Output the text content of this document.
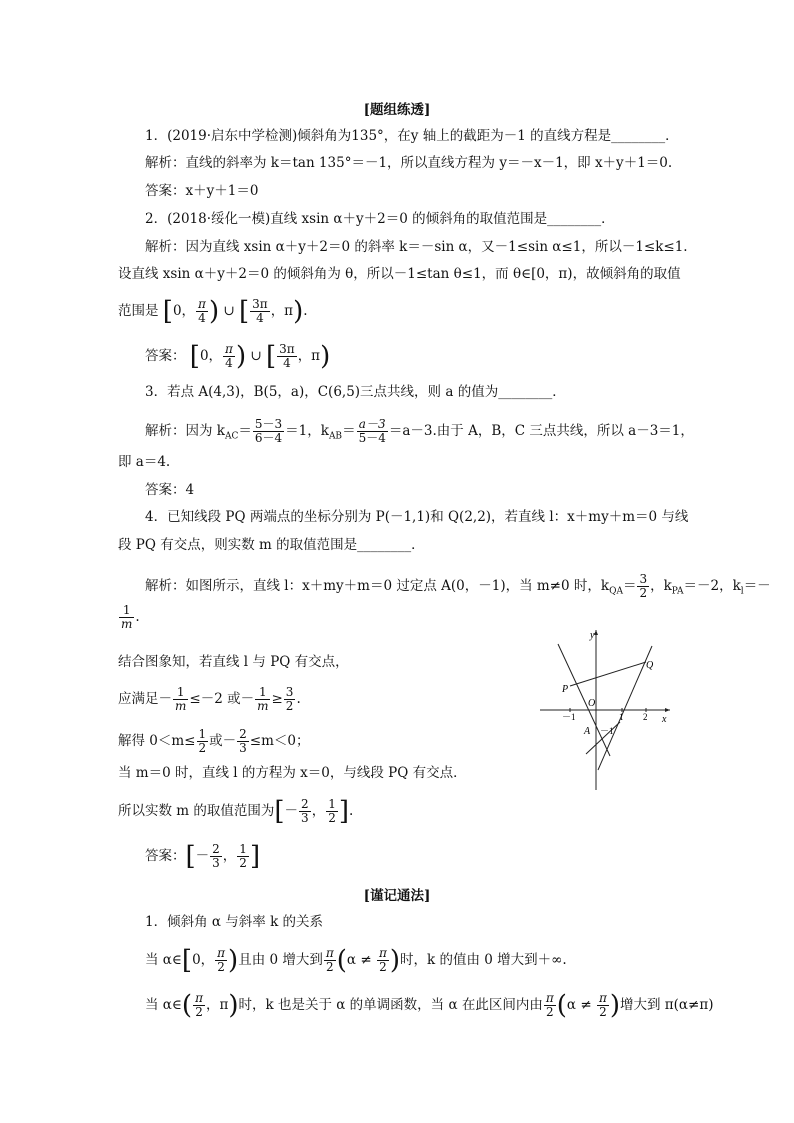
[题组练透]
1．(2019·启东中学检测)倾斜角为135°，在y 轴上的截距为－1 的直线方程是________．
解析：直线的斜率为 k＝tan 135°＝－1，所以直线方程为 y＝－x－1，即 x＋y＋1＝0.
答案：x＋y＋1＝0
2．(2018·绥化一模)直线 xsin α＋y＋2＝0 的倾斜角的取值范围是________．
解析：因为直线 xsin α＋y＋2＝0 的斜率 k＝－sin α，又－1≤sin α≤1，所以－1≤k≤1.
设直线 xsin α＋y＋2＝0 的倾斜角为 θ，所以－1≤tan θ≤1，而 θ∈[0，π)，故倾斜角的取值
范围是 [0， $\frac{\pi}{4}$ ) ∪ [ $\frac{3\pi}{4}$ ，π).
答案： [0， $\frac{\pi}{4}$ ) ∪ [ $\frac{3\pi}{4}$ ，π)
3．若点 A(4,3)，B(5，a)，C(6,5)三点共线，则 a 的值为________．
解析：因为 $k_{AC}= \frac{5-3}{6-4} =1$，$k_{AB}= \frac{a-3}{5-4} =a-3$.由于 A，B，C 三点共线，所以 a－3＝1，
即 a＝4.
答案：4
4．已知线段 PQ 两端点的坐标分别为 P(－1,1)和 Q(2,2)，若直线 l：x＋my＋m＝0 与线
段 PQ 有交点，则实数 m 的取值范围是________．
解析：如图所示，直线 l：x＋my＋m＝0 过定点 A(0，－1)，当 m≠0 时，$k_{QA}= \frac{3}{2}$ ，$k_{PA}=-2$，$k_l=-$
$\frac{1}{m}$ .
结合图象知，若直线 l 与 PQ 有交点，
应满足－ $\frac{1}{m} \le-2$ 或－ $\frac{1}{m} \ge \frac{3}{2}$ .
解得 $0<m\le \frac{1}{2}$ 或－ $\frac{2}{3} \le m<0$；
当 m＝0 时，直线 l 的方程为 x＝0，与线段 PQ 有交点．
所以实数 m 的取值范围为[－ $\frac{2}{3}$ ， $\frac{1}{2}$ ].
答案：[－ $\frac{2}{3}$ ， $\frac{1}{2}$ ]
y
x
Q
P
O
A
－1	1 2
－1
[谨记通法]
1．倾斜角 α 与斜率 k 的关系
当 α∈[0， $\frac{\pi}{2}$ )且由 0 增大到 $\frac{\pi}{2} (\alpha \ne \frac{\pi}{2}$ )时，k 的值由 0 增大到＋∞.
当 α∈( $\frac{\pi}{2}$ ，π)时，k 也是关于 α 的单调函数，当 α 在此区间内由 $\frac{\pi}{2} (\alpha \ne \frac{\pi}{2}$ )增大到 π(α≠π)
